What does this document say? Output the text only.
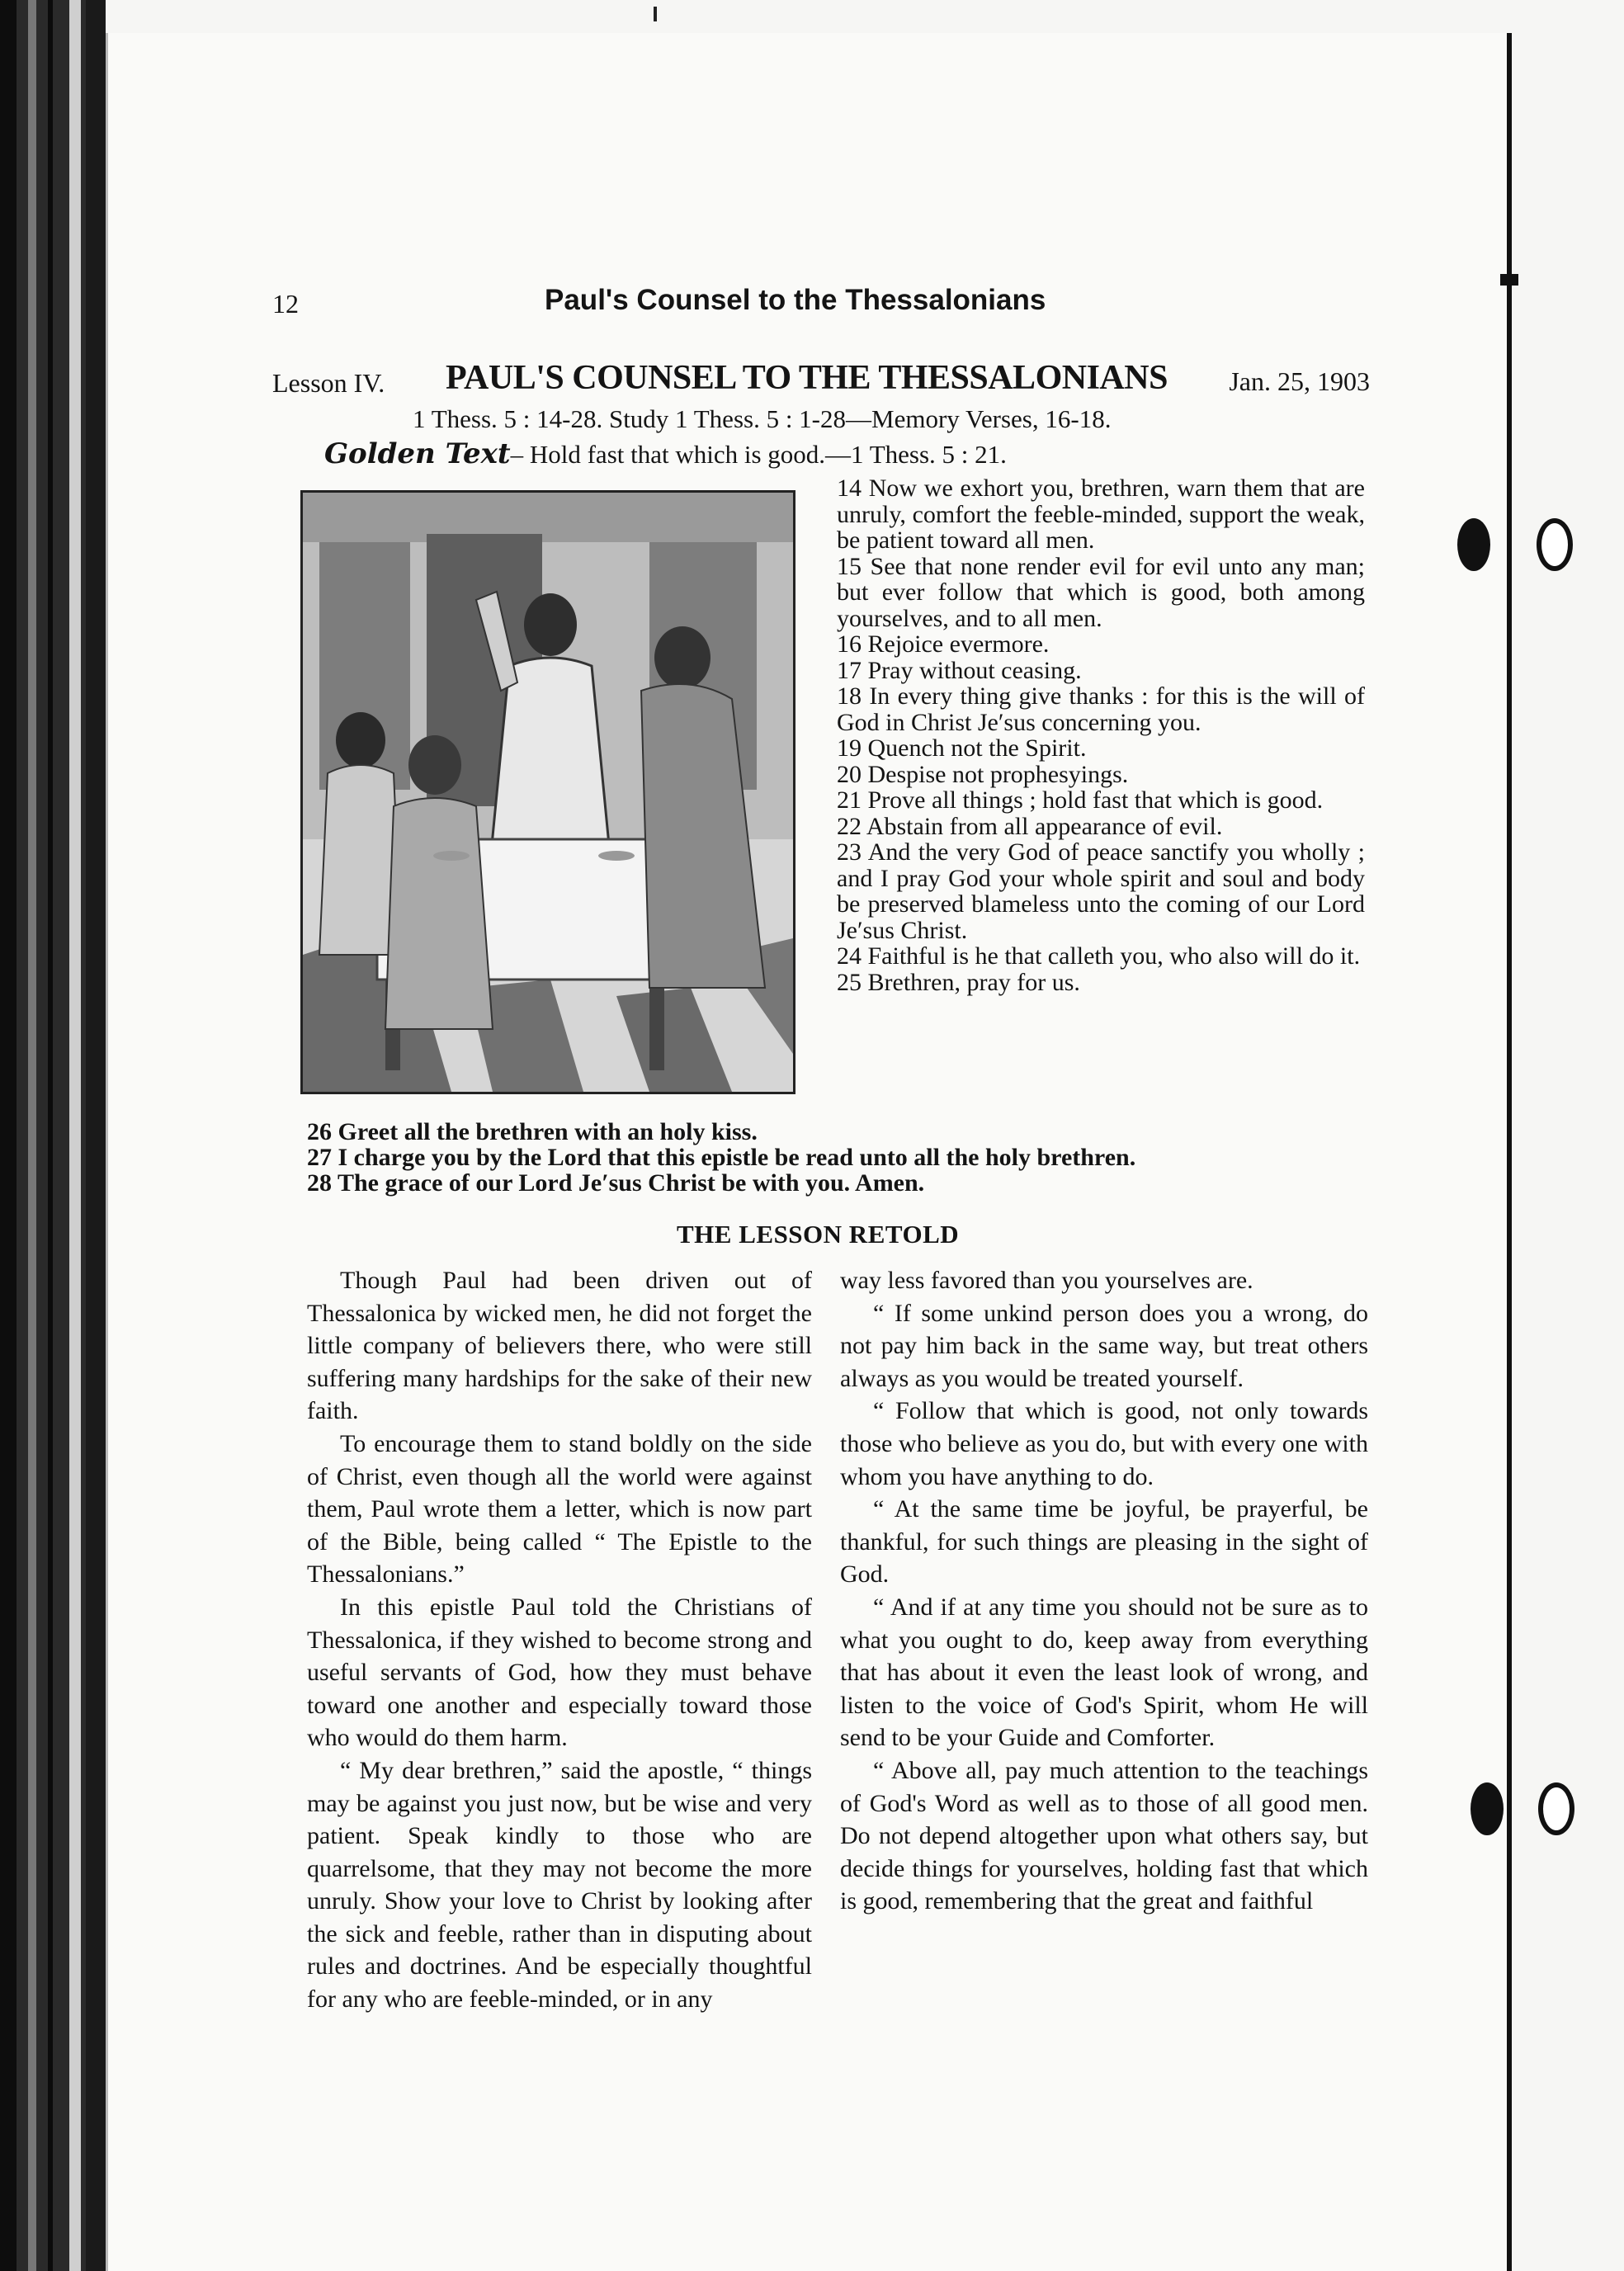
12	Paul's Counsel to the Thessalonians
Lesson IV. PAUL'S COUNSEL TO THE THESSALONIANS Jan. 25, 1903
1 Thess. 5 : 14-28. Study 1 Thess. 5 : 1-28—Memory Verses, 16-18.
Golden Text– Hold fast that which is good.—1 Thess. 5 : 21.

14 Now we exhort you, brethren, warn them that are unruly, comfort the feeble-minded, support the weak, be patient toward all men.

15 See that none render evil for evil unto any man; but ever follow that which is good, both among yourselves, and to all men.

16 Rejoice evermore.

17 Pray without ceasing.

18 In every thing give thanks : for this is the will of God in Christ Je′sus concerning you.

19 Quench not the Spirit.

20 Despise not prophesyings.

21 Prove all things ; hold fast that which is good.

22 Abstain from all appearance of evil.

23 And the very God of peace sanctify you wholly ; and I pray God your whole spirit and soul and body be preserved blameless unto the coming of our Lord Je′sus Christ.

24 Faithful is he that calleth you, who also will do it.

25 Brethren, pray for us.

26 Greet all the brethren with an holy kiss.

27 I charge you by the Lord that this epistle be read unto all the holy brethren.

28 The grace of our Lord Je′sus Christ be with you. Amen.

THE LESSON RETOLD

Though Paul had been driven out of Thessalonica by wicked men, he did not forget the little company of believers there, who were still suffering many hardships for the sake of their new faith.

To encourage them to stand boldly on the side of Christ, even though all the world were against them, Paul wrote them a letter, which is now part of the Bible, being called “ The Epistle to the Thessalonians.”

In this epistle Paul told the Christians of Thessalonica, if they wished to become strong and useful servants of God, how they must behave toward one another and especially toward those who would do them harm.

“ My dear brethren,” said the apostle, “ things may be against you just now, but be wise and very patient. Speak kindly to those who are quarrelsome, that they may not become the more unruly. Show your love to Christ by looking after the sick and feeble, rather than in disputing about rules and doctrines. And be especially thoughtful for any who are feeble-minded, or in any

way less favored than you yourselves are.

“ If some unkind person does you a wrong, do not pay him back in the same way, but treat others always as you would be treated yourself.

“ Follow that which is good, not only towards those who believe as you do, but with every one with whom you have anything to do.

“ At the same time be joyful, be prayerful, be thankful, for such things are pleasing in the sight of God.

“ And if at any time you should not be sure as to what you ought to do, keep away from everything that has about it even the least look of wrong, and listen to the voice of God's Spirit, whom He will send to be your Guide and Comforter.

“ Above all, pay much attention to the teachings of God's Word as well as to those of all good men. Do not depend altogether upon what others say, but decide things for yourselves, holding fast that which is good, remembering that the great and faithful
